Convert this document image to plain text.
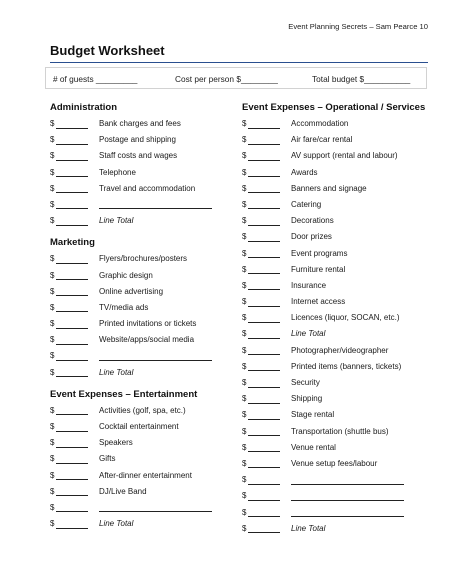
Event Planning Secrets – Sam Pearce 10
Budget Worksheet
# of guests _________	Cost per person $________	Total budget $__________
Administration
$	Bank charges and fees
$	Postage and shipping
$	Staff costs and wages
$	Telephone
$	Travel and accommodation
$
$	Line Total
Marketing
$	Flyers/brochures/posters
$	Graphic design
$	Online advertising
$	TV/media ads
$	Printed invitations or tickets
$	Website/apps/social media
$
$	Line Total
Event Expenses – Entertainment
$	Activities (golf, spa, etc.)
$	Cocktail entertainment
$	Speakers
$	Gifts
$	After-dinner entertainment
$	DJ/Live Band
$
$	Line Total
Event Expenses – Operational / Services
$	Accommodation
$	Air fare/car rental
$	AV support (rental and labour)
$	Awards
$	Banners and signage
$	Catering
$	Decorations
$	Door prizes
$	Event programs
$	Furniture rental
$	Insurance
$	Internet access
$	Licences (liquor, SOCAN, etc.)
$	Line Total
$	Photographer/videographer
$	Printed items (banners, tickets)
$	Security
$	Shipping
$	Stage rental
$	Transportation (shuttle bus)
$	Venue rental
$	Venue setup fees/labour
$
$
$
$	Line Total
